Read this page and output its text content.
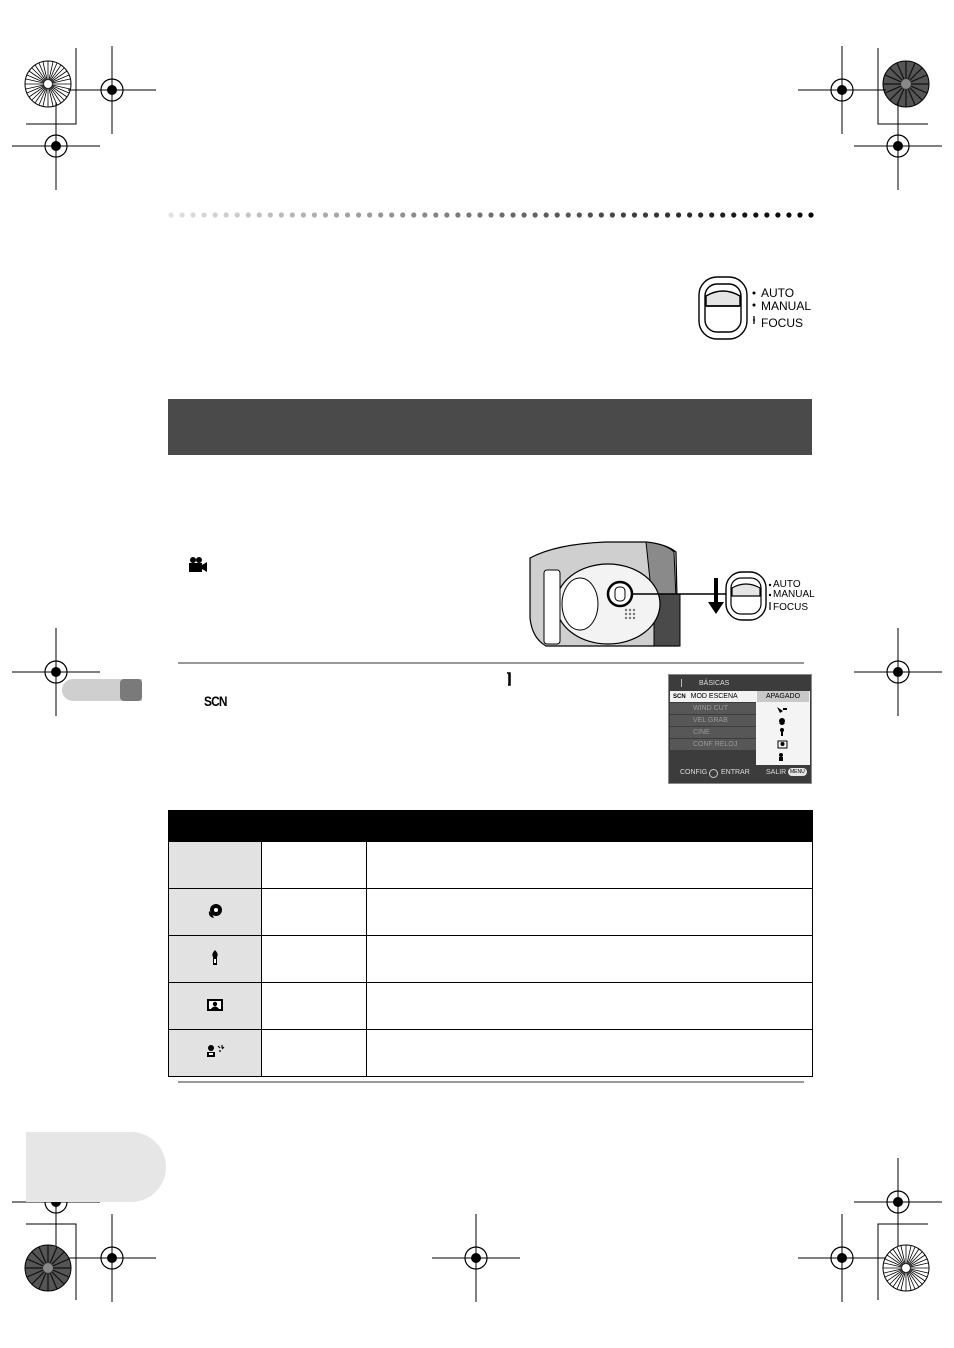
AUTO
MANUAL
FOCUS
AUTO
MANUAL
FOCUS
SCN
BÁSICAS
SCN MOD ESCENA
WIND CUT
VEL GRAB
CINE
CONF RELOJ
APAGADO
CONFIG ENTRAR SALIR MENU
